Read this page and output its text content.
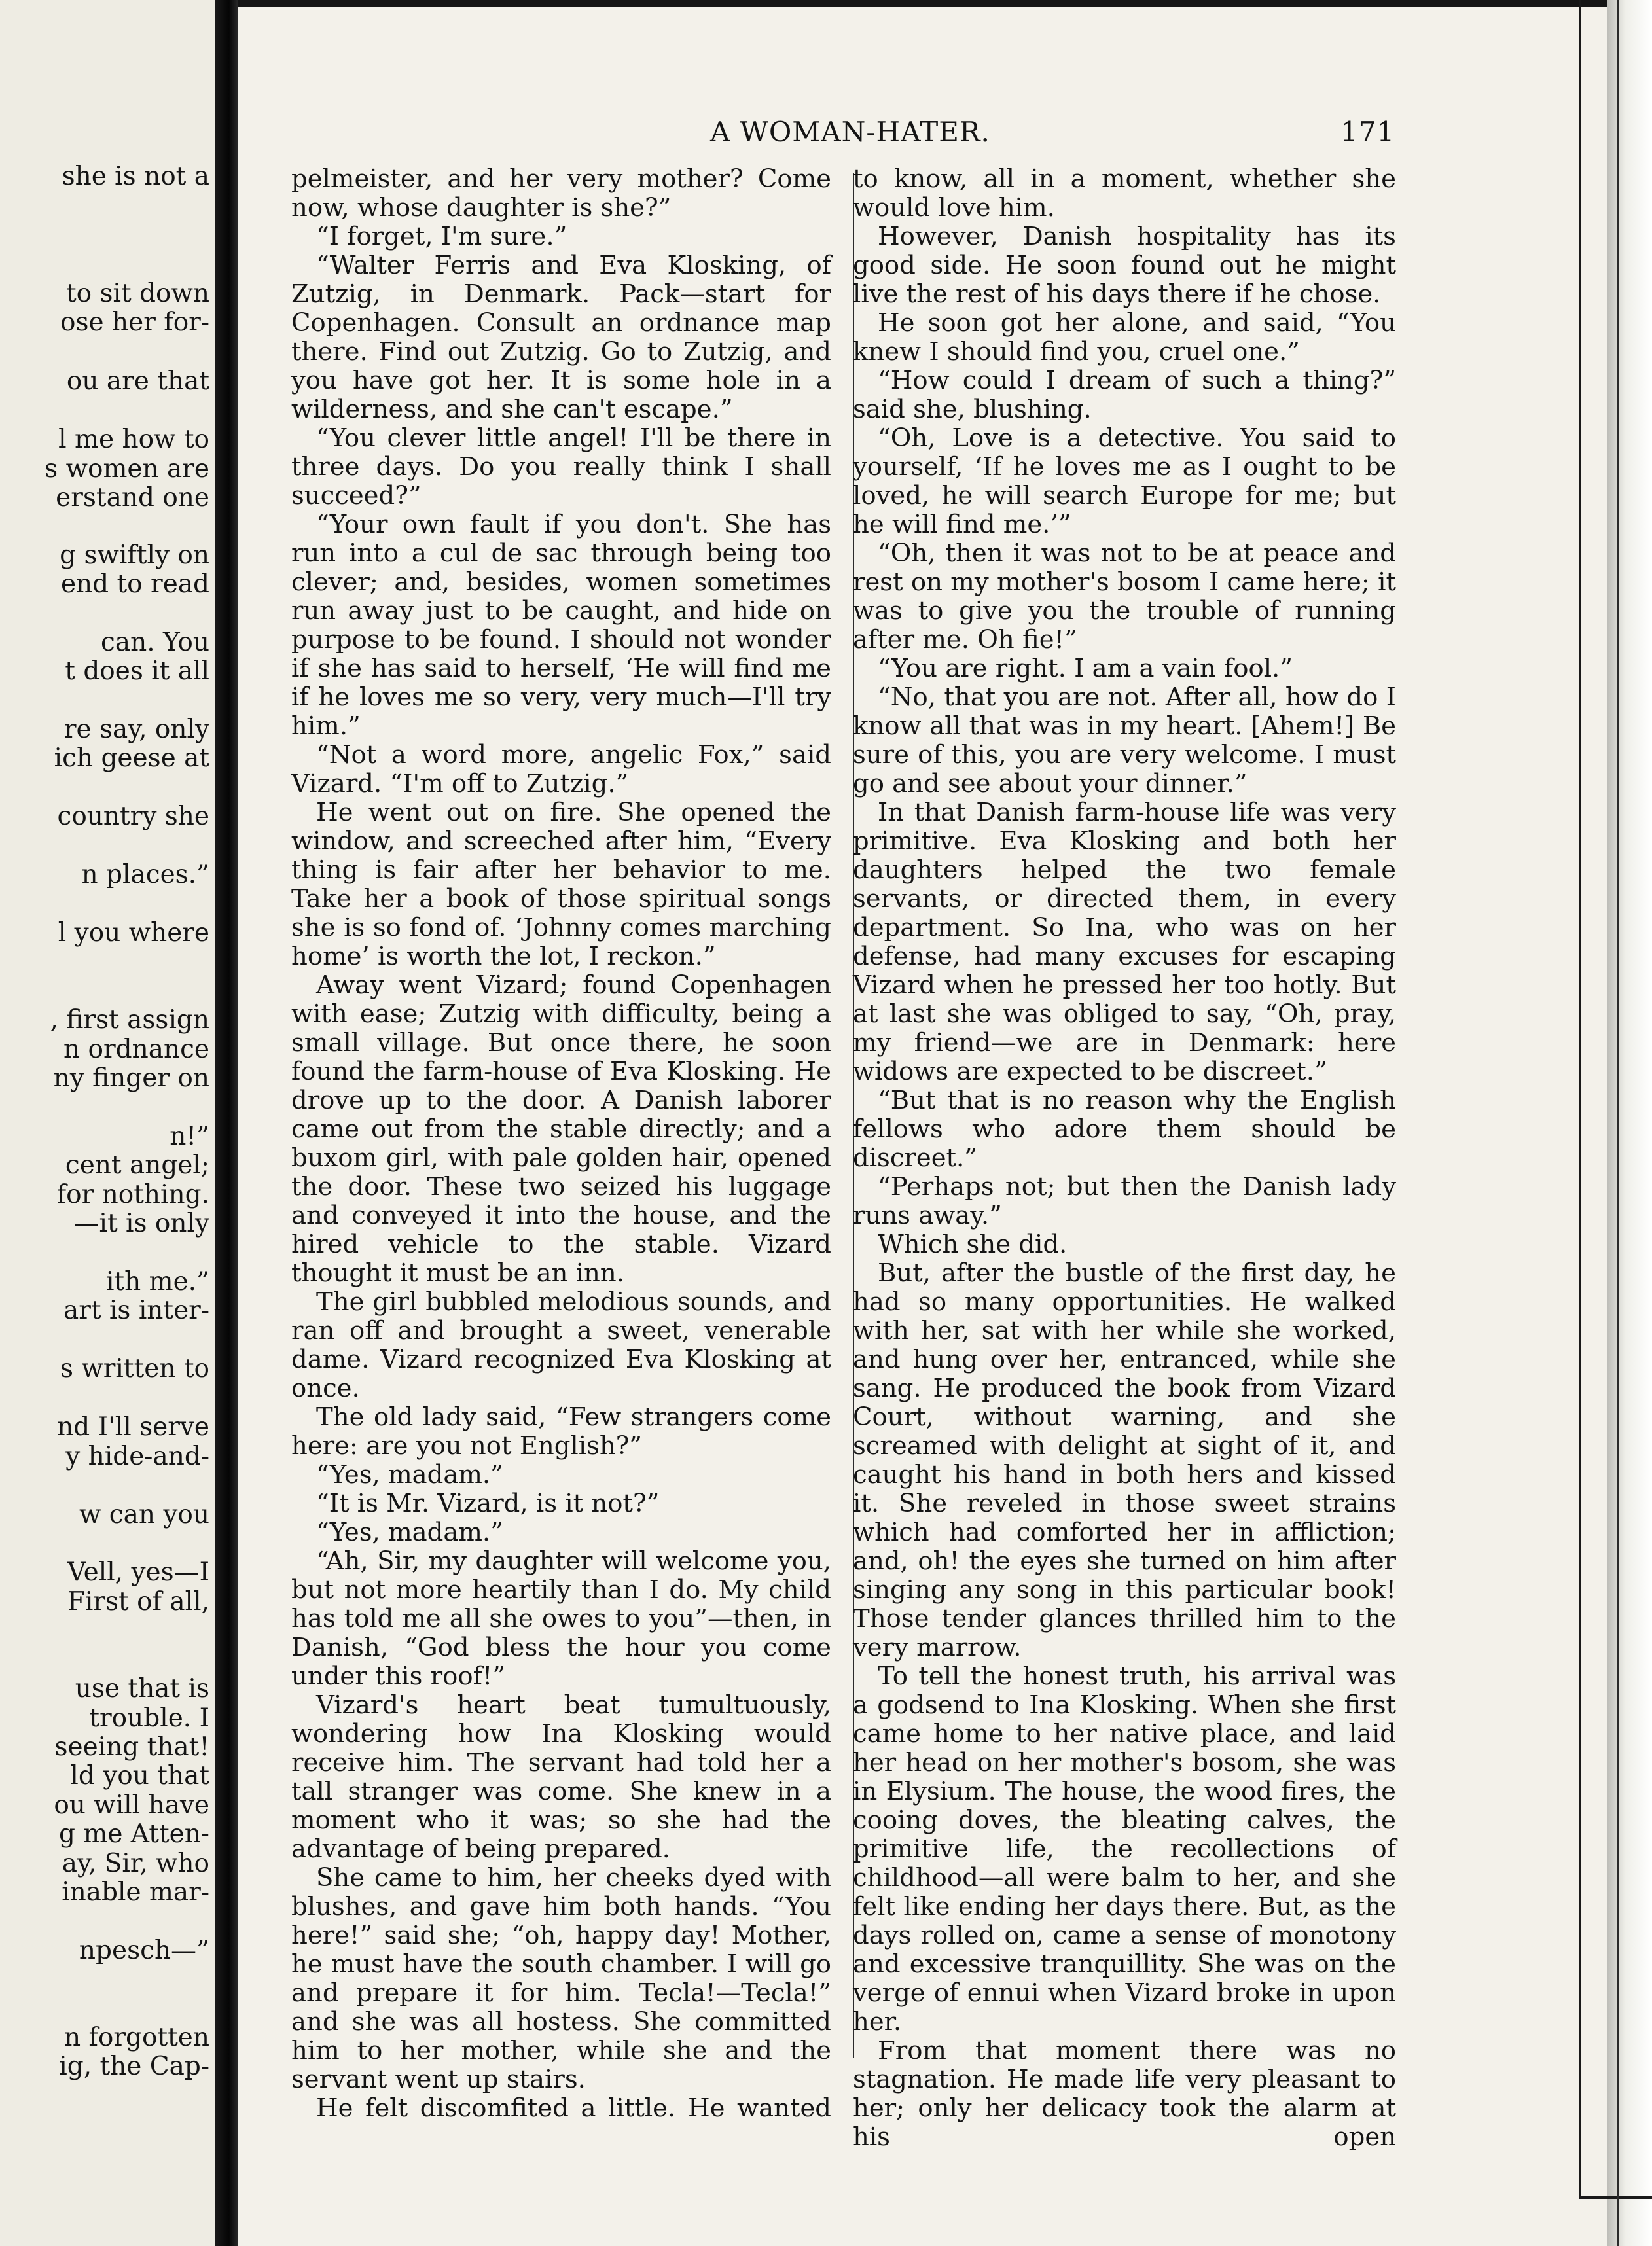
she is not a
to sit down
ose her for-
ou are that
l me how to
s women are
erstand one
g swiftly on
end to read
can. You
t does it all
re say, only
ich geese at
country she
n places.”
l you where
, first assign
n ordnance
ny finger on
n!”
cent angel;
for nothing.
—it is only
ith me.”
art is inter-
s written to
nd I'll serve
y hide-and-
w can you
Vell, yes—I
First of all,
use that is
trouble. I
seeing that!
ld you that
ou will have
g me Atten-
ay, Sir, who
inable mar-
npesch—”
n forgotten
ig, the Cap-
A WOMAN-HATER.	171

pelmeister, and her very mother? Come now, whose daughter is she?”

“I forget, I'm sure.”

“Walter Ferris and Eva Klosking, of Zutzig, in Denmark. Pack—start for Copenhagen. Consult an ordnance map there. Find out Zutzig. Go to Zutzig, and you have got her. It is some hole in a wilderness, and she can't escape.”

“You clever little angel! I'll be there in three days. Do you really think I shall succeed?”

“Your own fault if you don't. She has run into a cul de sac through being too clever; and, besides, women sometimes run away just to be caught, and hide on purpose to be found. I should not wonder if she has said to herself, ‘He will find me if he loves me so very, very much—I'll try him.”

“Not a word more, angelic Fox,” said Vizard. “I'm off to Zutzig.”

He went out on fire. She opened the window, and screeched after him, “Every thing is fair after her behavior to me. Take her a book of those spiritual songs she is so fond of. ‘Johnny comes marching home’ is worth the lot, I reckon.”

Away went Vizard; found Copenhagen with ease; Zutzig with difficulty, being a small village. But once there, he soon found the farm-house of Eva Klosking. He drove up to the door. A Danish laborer came out from the stable directly; and a buxom girl, with pale golden hair, opened the door. These two seized his luggage and conveyed it into the house, and the hired vehicle to the stable. Vizard thought it must be an inn.

The girl bubbled melodious sounds, and ran off and brought a sweet, venerable dame. Vizard recognized Eva Klosking at once.

The old lady said, “Few strangers come here: are you not English?”

“Yes, madam.”

“It is Mr. Vizard, is it not?”

“Yes, madam.”

“Ah, Sir, my daughter will welcome you, but not more heartily than I do. My child has told me all she owes to you”—then, in Danish, “God bless the hour you come under this roof!”

Vizard's heart beat tumultuously, wondering how Ina Klosking would receive him. The servant had told her a tall stranger was come. She knew in a moment who it was; so she had the advantage of being prepared.

She came to him, her cheeks dyed with blushes, and gave him both hands. “You here!” said she; “oh, happy day! Mother, he must have the south chamber. I will go and prepare it for him. Tecla!—Tecla!” and she was all hostess. She committed him to her mother, while she and the servant went up stairs.

He felt discomfited a little. He wanted

to know, all in a moment, whether she would love him.

However, Danish hospitality has its good side. He soon found out he might live the rest of his days there if he chose.

He soon got her alone, and said, “You knew I should find you, cruel one.”

“How could I dream of such a thing?” said she, blushing.

“Oh, Love is a detective. You said to yourself, ‘If he loves me as I ought to be loved, he will search Europe for me; but he will find me.’”

“Oh, then it was not to be at peace and rest on my mother's bosom I came here; it was to give you the trouble of running after me. Oh fie!”

“You are right. I am a vain fool.”

“No, that you are not. After all, how do I know all that was in my heart. [Ahem!] Be sure of this, you are very welcome. I must go and see about your dinner.”

In that Danish farm-house life was very primitive. Eva Klosking and both her daughters helped the two female servants, or directed them, in every department. So Ina, who was on her defense, had many excuses for escaping Vizard when he pressed her too hotly. But at last she was obliged to say, “Oh, pray, my friend—we are in Denmark: here widows are expected to be discreet.”

“But that is no reason why the English fellows who adore them should be discreet.”

“Perhaps not; but then the Danish lady runs away.”

Which she did.

But, after the bustle of the first day, he had so many opportunities. He walked with her, sat with her while she worked, and hung over her, entranced, while she sang. He produced the book from Vizard Court, without warning, and she screamed with delight at sight of it, and caught his hand in both hers and kissed it. She reveled in those sweet strains which had comforted her in affliction; and, oh! the eyes she turned on him after singing any song in this particular book! Those tender glances thrilled him to the very marrow.

To tell the honest truth, his arrival was a godsend to Ina Klosking. When she first came home to her native place, and laid her head on her mother's bosom, she was in Elysium. The house, the wood fires, the cooing doves, the bleating calves, the primitive life, the recollections of childhood—all were balm to her, and she felt like ending her days there. But, as the days rolled on, came a sense of monotony and excessive tranquillity. She was on the verge of ennui when Vizard broke in upon her.

From that moment there was no stagnation. He made life very pleasant to her; only her delicacy took the alarm at his open
